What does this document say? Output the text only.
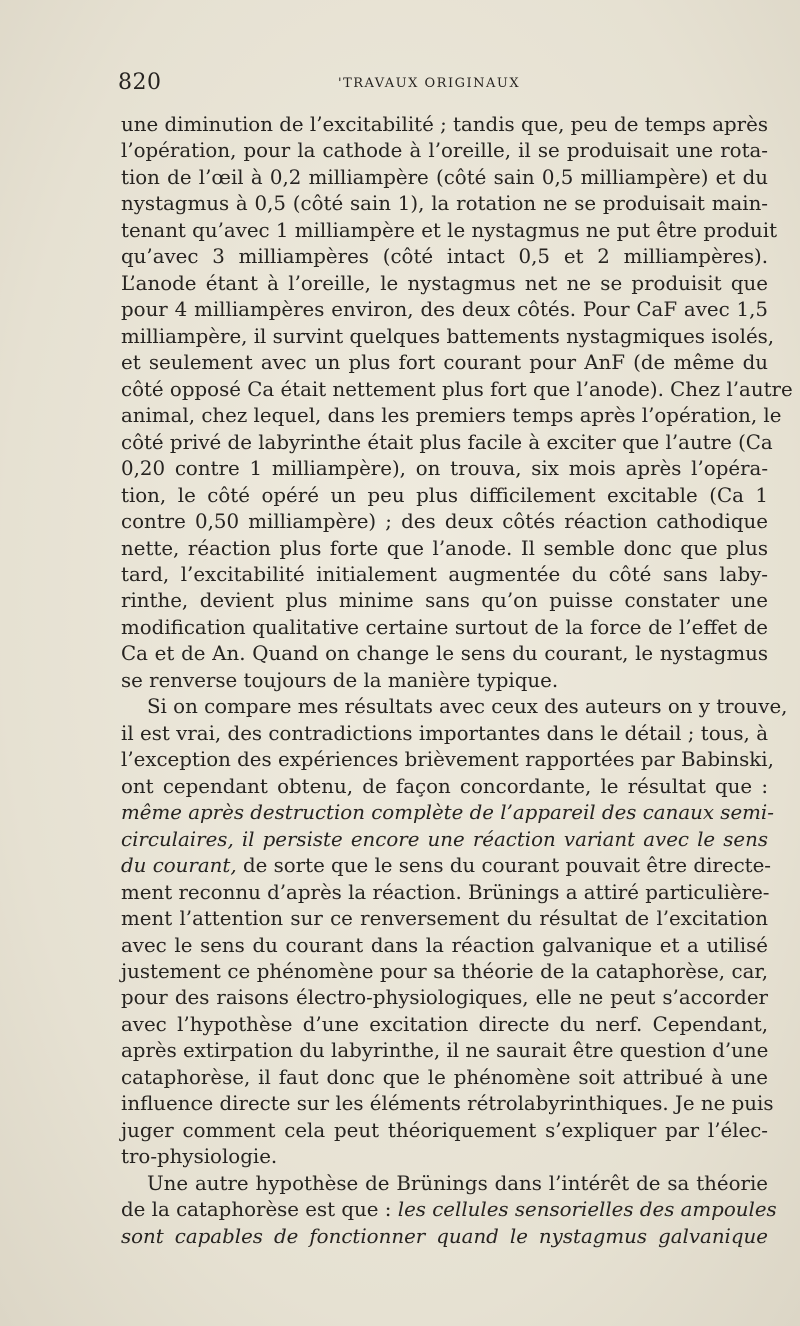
820	'TRAVAUX ORIGINAUX
une diminution de l’excitabilité ; tandis que, peu de temps après
l’opération, pour la cathode à l’oreille, il se produisait une rota-
tion de l’œil à 0,2 milliampère (côté sain 0,5 milliampère) et du
nystagmus à 0,5 (côté sain 1), la rotation ne se produisait main-
tenant qu’avec 1 milliampère et le nystagmus ne put être produit
qu’avec 3 milliampères (côté intact 0,5 et 2 milliampères).
L’anode étant à l’oreille, le nystagmus net ne se produisit que
pour 4 milliampères environ, des deux côtés. Pour CaF avec 1,5
milliampère, il survint quelques battements nystagmiques isolés,
et seulement avec un plus fort courant pour AnF (de même du
côté opposé Ca était nettement plus fort que l’anode). Chez l’autre
animal, chez lequel, dans les premiers temps après l’opération, le
côté privé de labyrinthe était plus facile à exciter que l’autre (Ca
0,20 contre 1 milliampère), on trouva, six mois après l’opéra-
tion, le côté opéré un peu plus difficilement excitable (Ca 1
contre 0,50 milliampère) ; des deux côtés réaction cathodique
nette, réaction plus forte que l’anode. Il semble donc que plus
tard, l’excitabilité initialement augmentée du côté sans laby-
rinthe, devient plus minime sans qu’on puisse constater une
modification qualitative certaine surtout de la force de l’effet de
Ca et de An. Quand on change le sens du courant, le nystagmus
se renverse toujours de la manière typique.
Si on compare mes résultats avec ceux des auteurs on y trouve,
il est vrai, des contradictions importantes dans le détail ; tous, à
l’exception des expériences brièvement rapportées par Babinski,
ont cependant obtenu, de façon concordante, le résultat que :
même après destruction complète de l’appareil des canaux semi-
circulaires, il persiste encore une réaction variant avec le sens
du courant, de sorte que le sens du courant pouvait être directe-
ment reconnu d’après la réaction. Brünings a attiré particulière-
ment l’attention sur ce renversement du résultat de l’excitation
avec le sens du courant dans la réaction galvanique et a utilisé
justement ce phénomène pour sa théorie de la cataphorèse, car,
pour des raisons électro-physiologiques, elle ne peut s’accorder
avec l’hypothèse d’une excitation directe du nerf. Cependant,
après extirpation du labyrinthe, il ne saurait être question d’une
cataphorèse, il faut donc que le phénomène soit attribué à une
influence directe sur les éléments rétrolabyrinthiques. Je ne puis
juger comment cela peut théoriquement s’expliquer par l’élec-
tro-physiologie.
Une autre hypothèse de Brünings dans l’intérêt de sa théorie
de la cataphorèse est que : les cellules sensorielles des ampoules
sont capables de fonctionner quand le nystagmus galvanique
